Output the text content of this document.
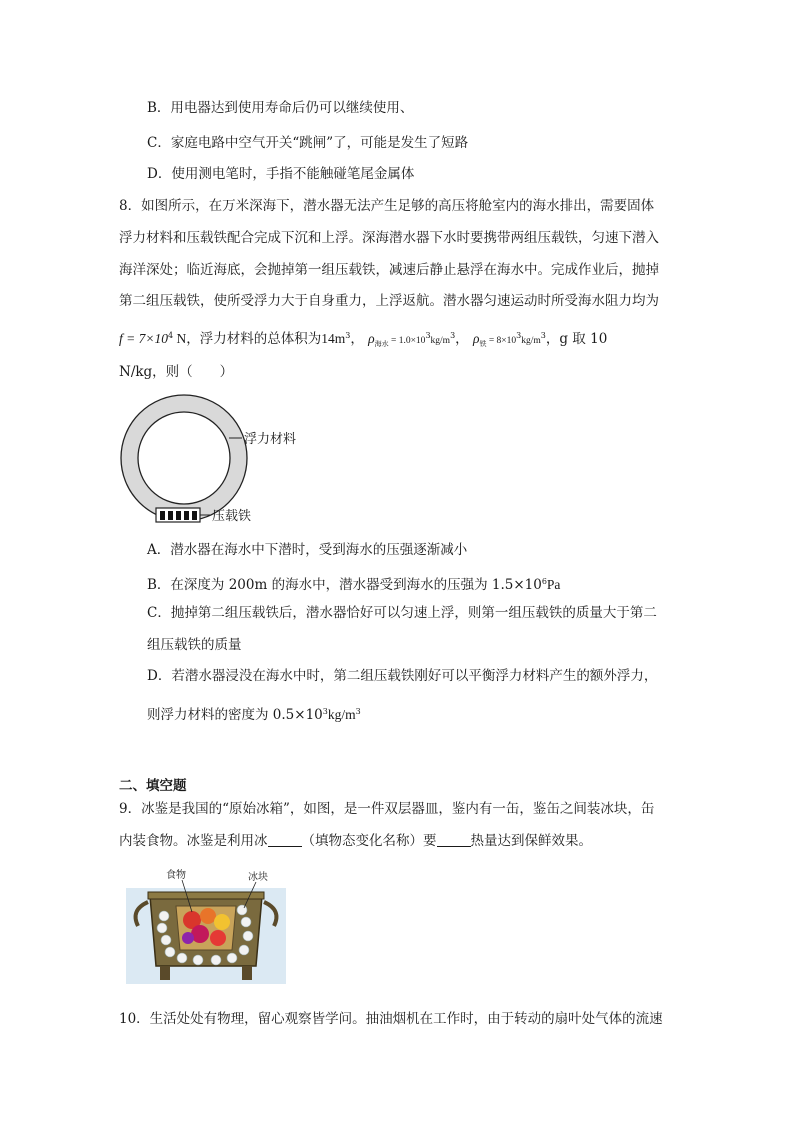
B．用电器达到使用寿命后仍可以继续使用、
C．家庭电路中空气开关“跳闸”了，可能是发生了短路
D．使用测电笔时，手指不能触碰笔尾金属体
8．如图所示，在万米深海下，潜水器无法产生足够的高压将舱室内的海水排出，需要固体
浮力材料和压载铁配合完成下沉和上浮。深海潜水器下水时要携带两组压载铁，匀速下潜入
海洋深处；临近海底，会抛掉第一组压载铁，减速后静止悬浮在海水中。完成作业后，抛掉
第二组压载铁，使所受浮力大于自身重力，上浮返航。潜水器匀速运动时所受海水阻力均为
$f = 7\times 10^4$ N，浮力材料的总体积为$14m^3$， $\rho_{海水} = 1.0\times 10^3kg/m^3$， $\rho_铁 = 8\times 10^3kg/m^3$，g 取 10
N/kg，则（　　）
浮力材料
压载铁
A．潜水器在海水中下潜时，受到海水的压强逐渐减小
B．在深度为 200m 的海水中，潜水器受到海水的压强为 $1.5\times 10^6Pa$
C．抛掉第二组压载铁后，潜水器恰好可以匀速上浮，则第一组压载铁的质量大于第二
组压载铁的质量
D．若潜水器浸没在海水中时，第二组压载铁刚好可以平衡浮力材料产生的额外浮力，
则浮力材料的密度为 $0.5\times 10^3kg/m^3$
二、填空题
9．冰鉴是我国的“原始冰箱”，如图，是一件双层器皿，鉴内有一缶，鉴缶之间装冰块，缶
内装食物。冰鉴是利用冰	（填物态变化名称）要	热量达到保鲜效果。
食物	冰块
10．生活处处有物理，留心观察皆学问。抽油烟机在工作时，由于转动的扇叶处气体的流速
